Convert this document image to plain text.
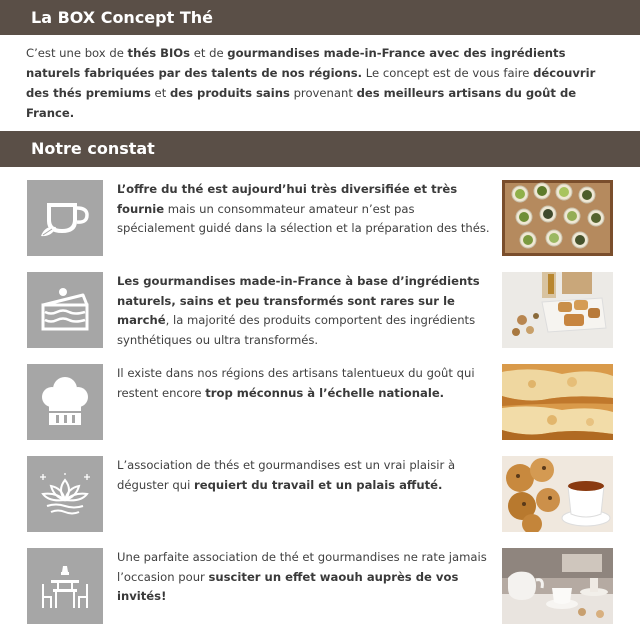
La BOX Concept Thé
C’est une box de thés BIOs et de gourmandises made-in-France avec des ingrédients naturels fabriquées par des talents de nos régions. Le concept est de vous faire découvrir des thés premiums et des produits sains provenant des meilleurs artisans du goût de France.
Notre constat
L’offre du thé est aujourd’hui très diversifiée et très fournie mais un consommateur amateur n’est pas spécialement guidé dans la sélection et la préparation des thés.
Les gourmandises made-in-France à base d’ingrédients naturels, sains et peu transformés sont rares sur le marché, la majorité des produits comportent des ingrédients synthétiques ou ultra transformés.
Il existe dans nos régions des artisans talentueux du goût qui restent encore trop méconnus à l’échelle nationale.
L’association de thés et gourmandises est un vrai plaisir à déguster qui requiert du travail et un palais affuté.
Une parfaite association de thé et gourmandises ne rate jamais l’occasion pour susciter un effet waouh auprès de vos invités!
